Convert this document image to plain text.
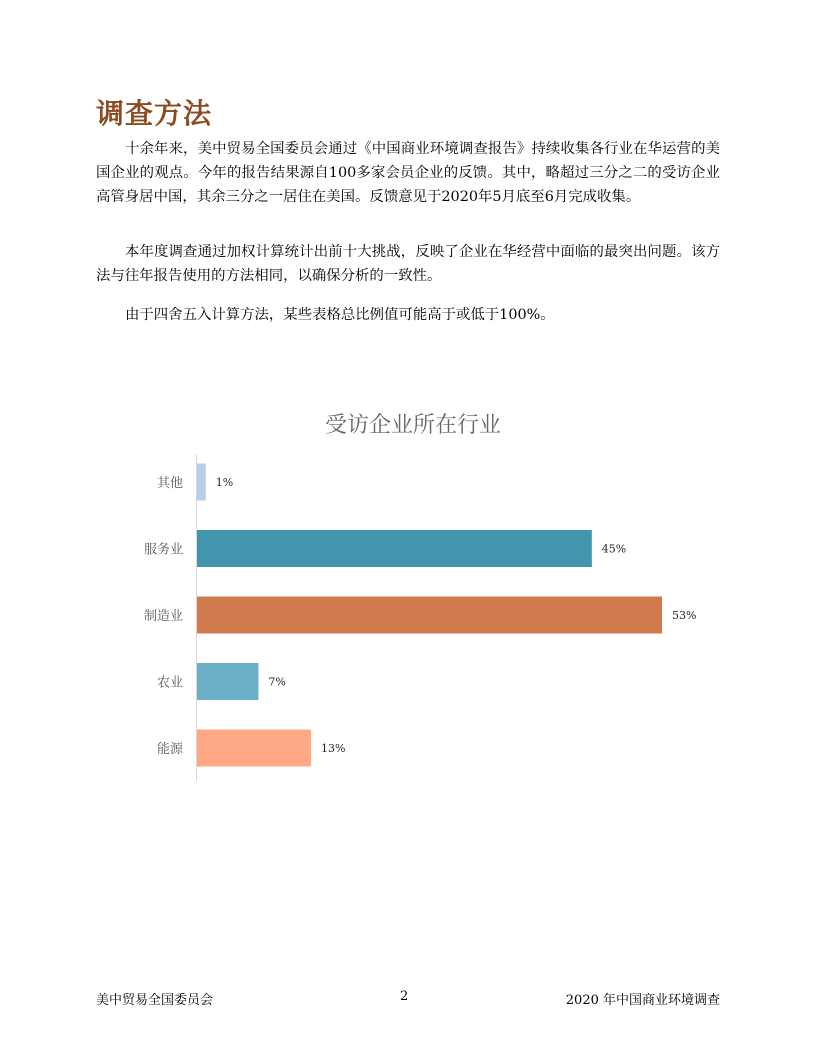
调查方法

十余年来，美中贸易全国委员会通过《中国商业环境调查报告》持续收集各行业在华运营的美国企业的观点。今年的报告结果源自100多家会员企业的反馈。其中，略超过三分之二的受访企业高管身居中国，其余三分之一居住在美国。反馈意见于2020年5月底至6月完成收集。

本年度调查通过加权计算统计出前十大挑战，反映了企业在华经营中面临的最突出问题。该方法与往年报告使用的方法相同，以确保分析的一致性。

由于四舍五入计算方法，某些表格总比例值可能高于或低于100%。

受访企业所在行业
其他	1%
服务业	45%
制造业	53%
农业	7%
能源	13%
美中贸易全国委员会	2	2020 年中国商业环境调查
